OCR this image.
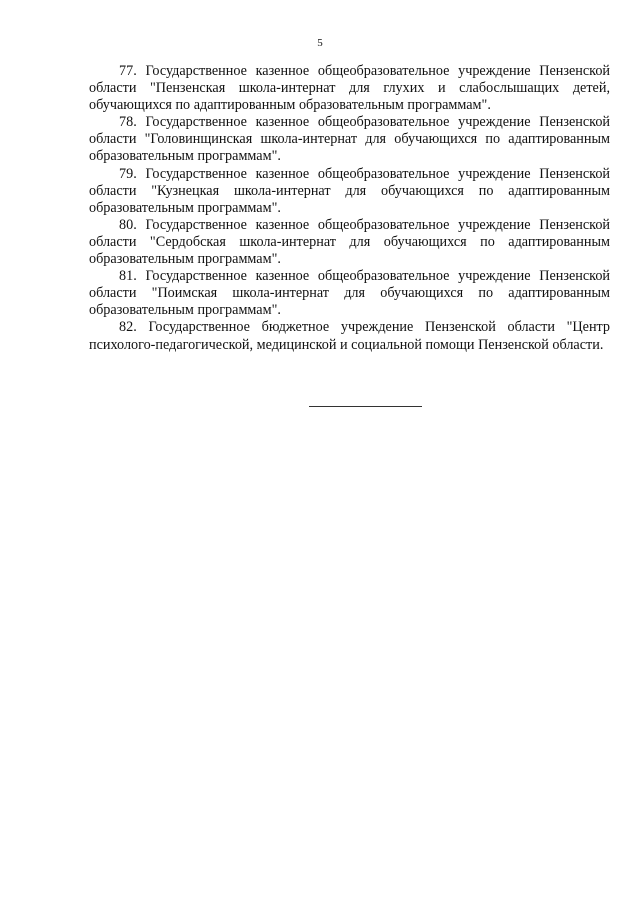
5

77. Государственное казенное общеобразовательное учреждение Пензенской области "Пензенская школа-интернат для глухих и слабослышащих детей, обучающихся по адаптированным образовательным программам".

78. Государственное казенное общеобразовательное учреждение Пензенской области "Головинщинская школа-интернат для обучающихся по адаптированным образовательным программам".

79. Государственное казенное общеобразовательное учреждение Пензенской области "Кузнецкая школа-интернат для обучающихся по адаптированным образовательным программам".

80. Государственное казенное общеобразовательное учреждение Пензенской области "Сердобская школа-интернат для обучающихся по адаптированным образовательным программам".

81. Государственное казенное общеобразовательное учреждение Пензенской области "Поимская школа-интернат для обучающихся по адаптированным образовательным программам".

82. Государственное бюджетное учреждение Пензенской области "Центр психолого-педагогической, медицинской и социальной помощи Пензенской области.
